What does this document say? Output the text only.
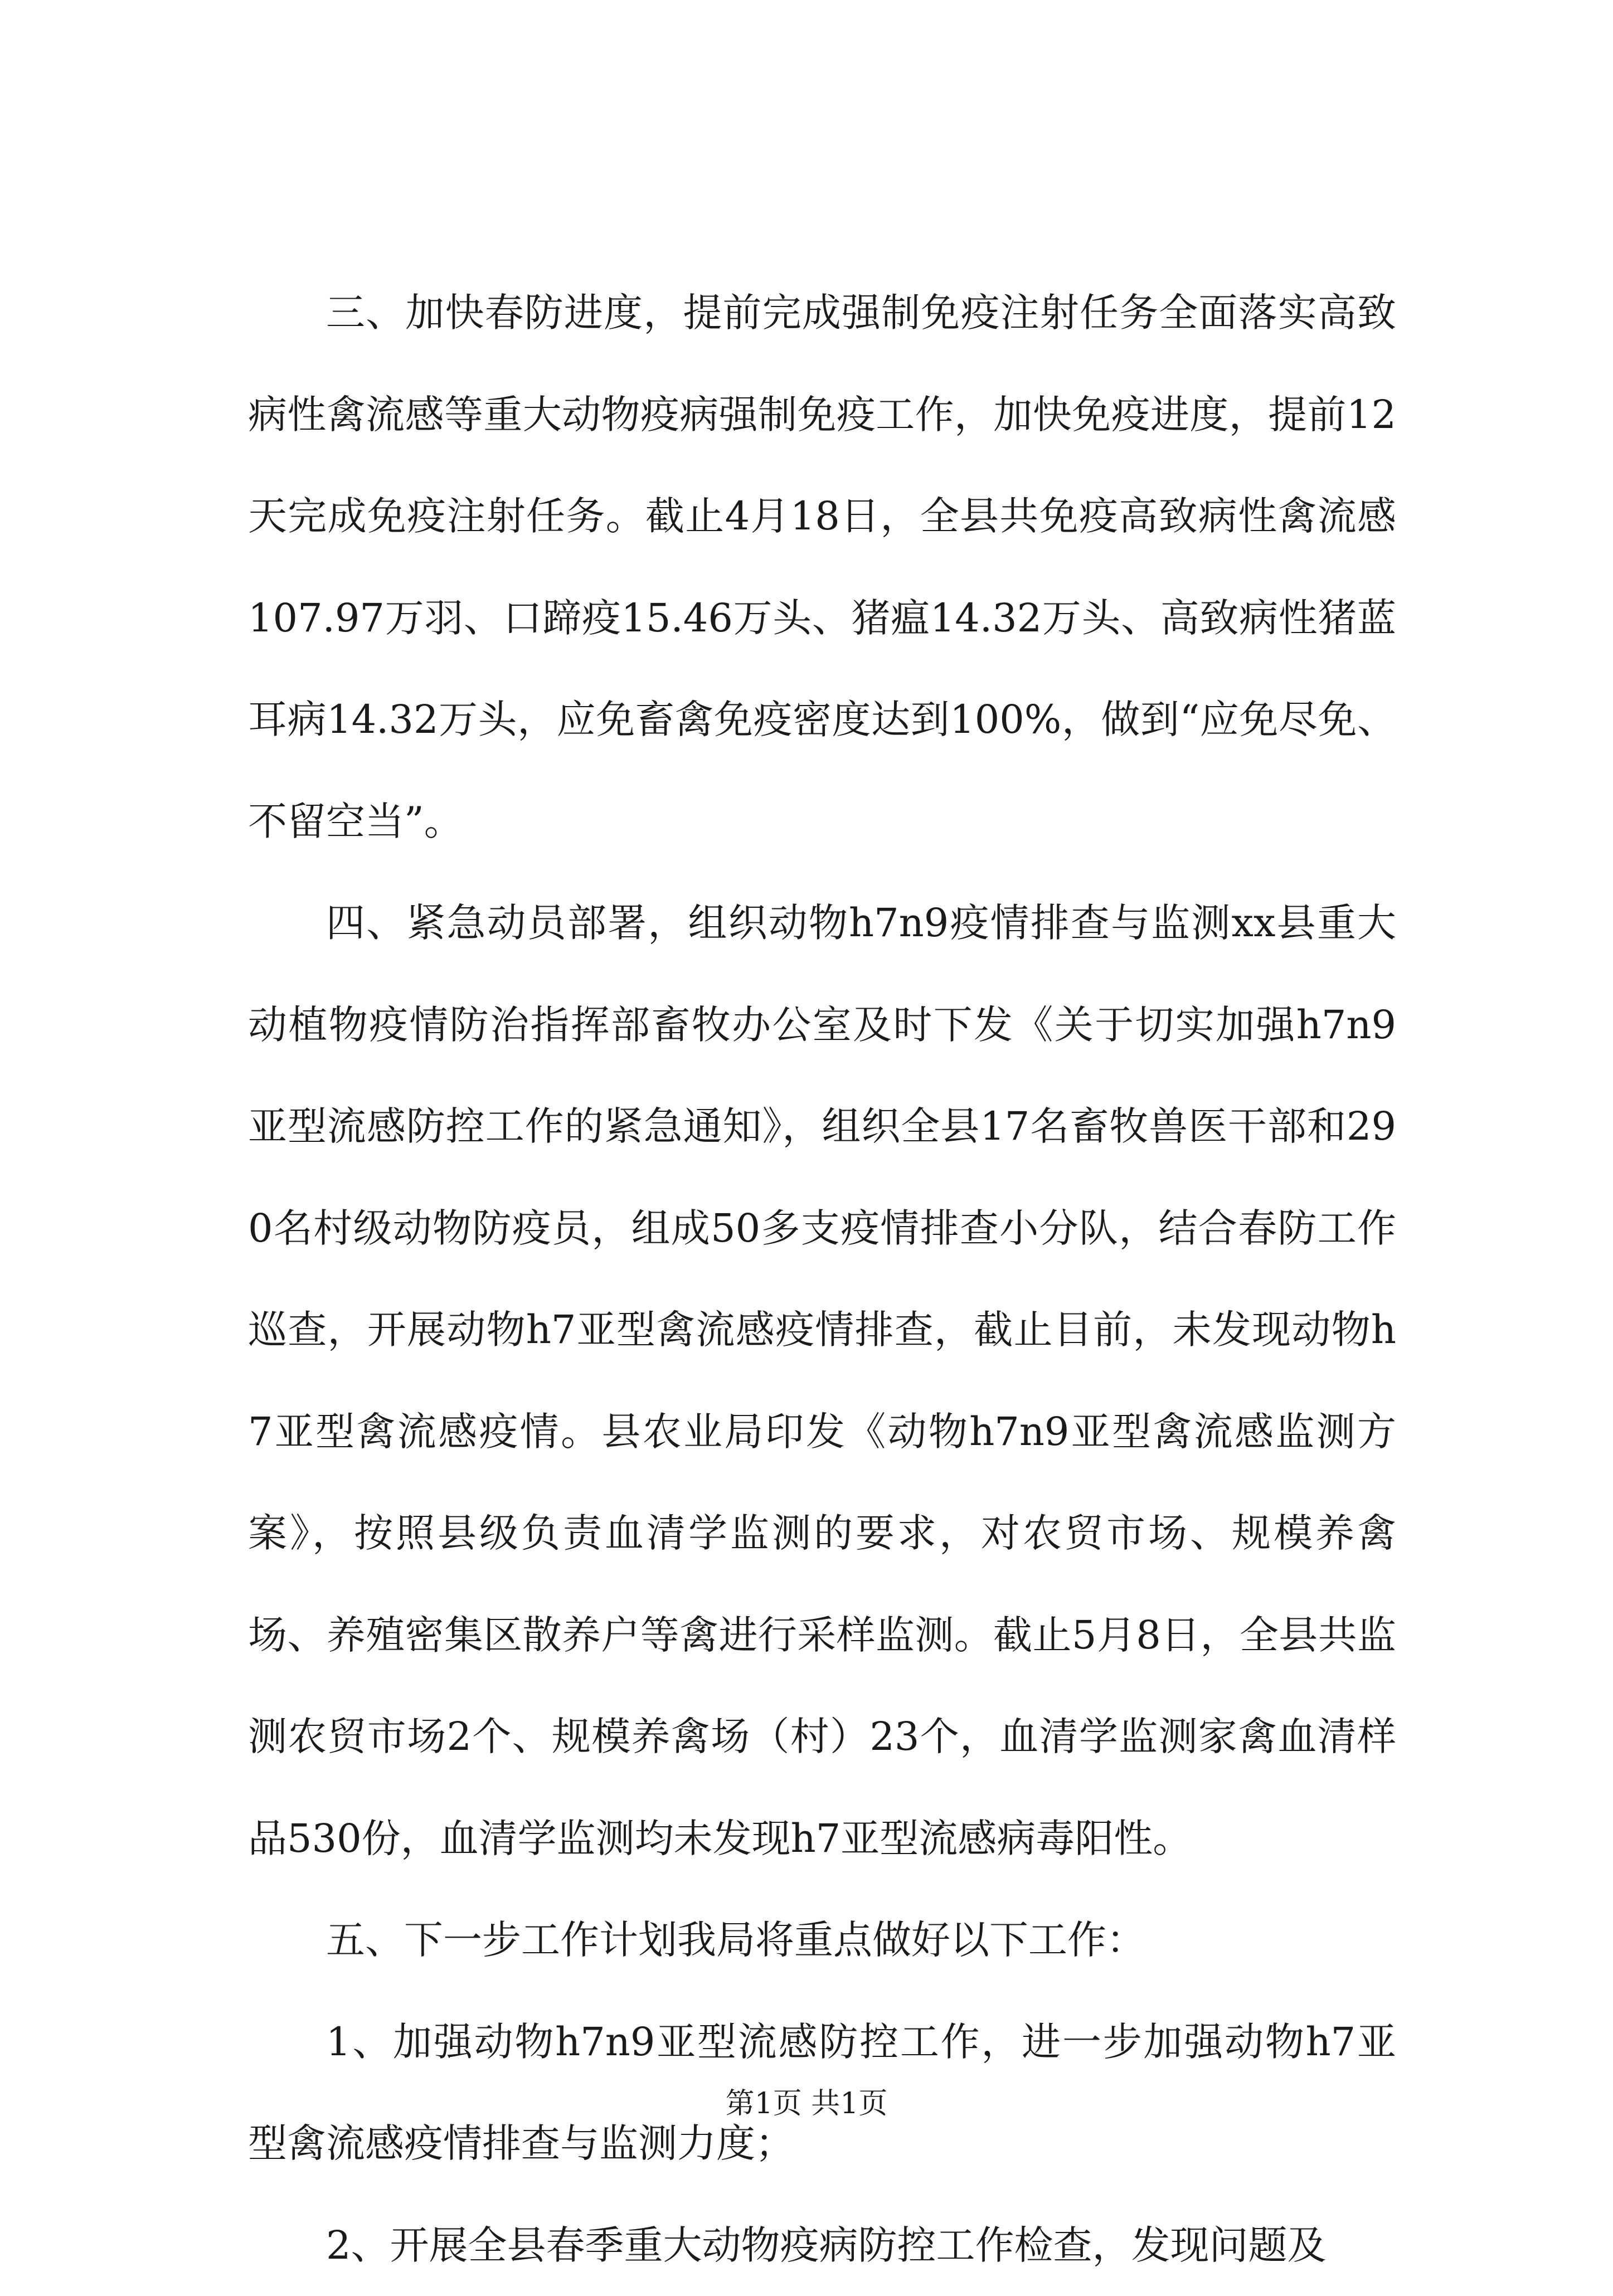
三、加快春防进度，提前完成强制免疫注射任务全面落实高致病性禽流感等重大动物疫病强制免疫工作，加快免疫进度，提前12天完成免疫注射任务。截止4月18日，全县共免疫高致病性禽流感107.97万羽、口蹄疫15.46万头、猪瘟14.32万头、高致病性猪蓝耳病14.32万头，应免畜禽免疫密度达到100%，做到“应免尽免、不留空当”。

四、紧急动员部署，组织动物h7n9疫情排查与监测xx县重大动植物疫情防治指挥部畜牧办公室及时下发《关于切实加强h7n9亚型流感防控工作的紧急通知》，组织全县17名畜牧兽医干部和290名村级动物防疫员，组成50多支疫情排查小分队，结合春防工作巡查，开展动物h7亚型禽流感疫情排查，截止目前，未发现动物h7亚型禽流感疫情。县农业局印发《动物h7n9亚型禽流感监测方案》，按照县级负责血清学监测的要求，对农贸市场、规模养禽场、养殖密集区散养户等禽进行采样监测。截止5月8日，全县共监测农贸市场2个、规模养禽场（村）23个，血清学监测家禽血清样品530份，血清学监测均未发现h7亚型流感病毒阳性。

五、下一步工作计划我局将重点做好以下工作：

1、加强动物h7n9亚型流感防控工作，进一步加强动物h7亚型禽流感疫情排查与监测力度；

2、开展全县春季重大动物疫病防控工作检查，发现问题及

第1页 共1页
